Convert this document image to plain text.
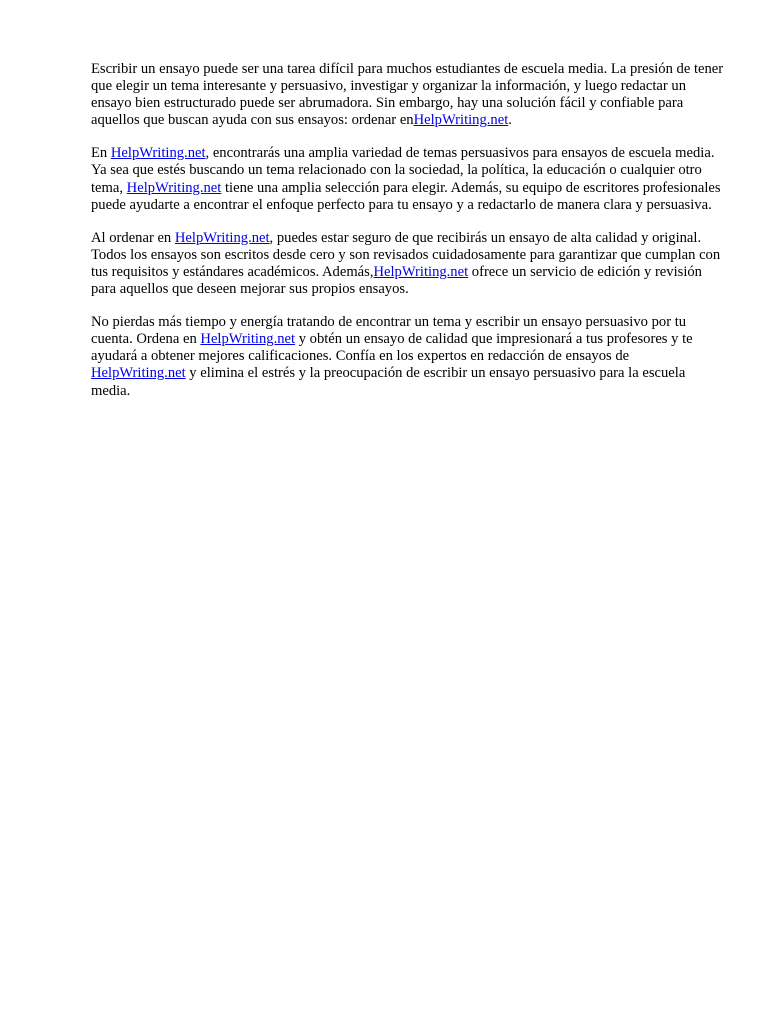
Escribir un ensayo puede ser una tarea difícil para muchos estudiantes de escuela media. La presión de tener que elegir un tema interesante y persuasivo, investigar y organizar la información, y luego redactar un ensayo bien estructurado puede ser abrumadora. Sin embargo, hay una solución fácil y confiable para aquellos que buscan ayuda con sus ensayos: ordenar enHelpWriting.net.

En HelpWriting.net, encontrarás una amplia variedad de temas persuasivos para ensayos de escuela media. Ya sea que estés buscando un tema relacionado con la sociedad, la política, la educación o cualquier otro tema, HelpWriting.net tiene una amplia selección para elegir. Además, su equipo de escritores profesionales puede ayudarte a encontrar el enfoque perfecto para tu ensayo y a redactarlo de manera clara y persuasiva.

Al ordenar en HelpWriting.net, puedes estar seguro de que recibirás un ensayo de alta calidad y original. Todos los ensayos son escritos desde cero y son revisados cuidadosamente para garantizar que cumplan con tus requisitos y estándares académicos. Además,HelpWriting.net ofrece un servicio de edición y revisión para aquellos que deseen mejorar sus propios ensayos.

No pierdas más tiempo y energía tratando de encontrar un tema y escribir un ensayo persuasivo por tu cuenta. Ordena en HelpWriting.net y obtén un ensayo de calidad que impresionará a tus profesores y te ayudará a obtener mejores calificaciones. Confía en los expertos en redacción de ensayos de HelpWriting.net y elimina el estrés y la preocupación de escribir un ensayo persuasivo para la escuela media.
